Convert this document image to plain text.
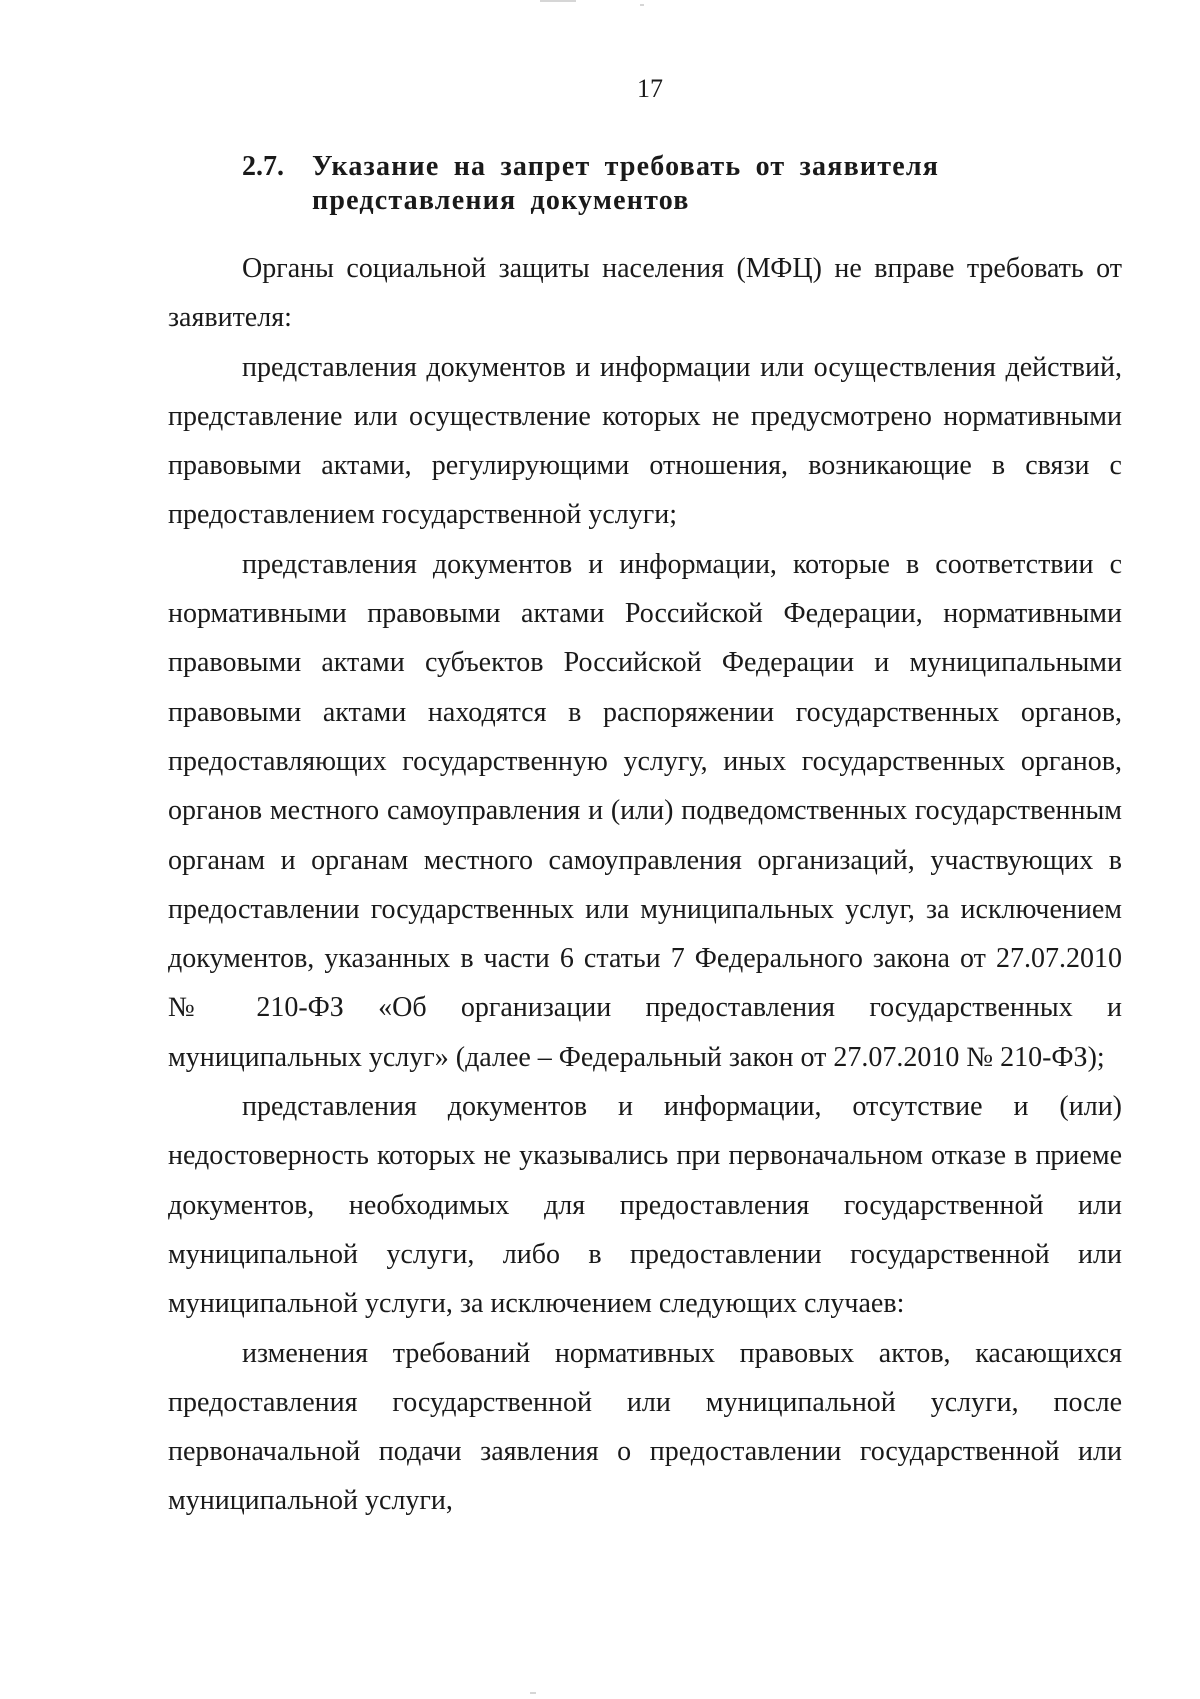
17
2.7. Указание на запрет требовать от заявителя представления документов

Органы социальной защиты населения (МФЦ) не вправе требовать от заявителя:

представления документов и информации или осуществления действий, представление или осуществление которых не предусмотрено нормативными правовыми актами, регулирующими отношения, возникающие в связи с предоставлением государственной услуги;

представления документов и информации, которые в соответствии с нормативными правовыми актами Российской Федерации, нормативными правовыми актами субъектов Российской Федерации и муниципальными правовыми актами находятся в распоряжении государственных органов, предоставляющих государственную услугу, иных государственных органов, органов местного самоуправления и (или) подведомственных государственным органам и органам местного самоуправления организаций, участвующих в предоставлении государственных или муниципальных услуг, за исключением документов, указанных в части 6 статьи 7 Федерального закона от 27.07.2010 № 210-ФЗ «Об организации предоставления государственных и муниципальных услуг» (далее – Федеральный закон от 27.07.2010 № 210-ФЗ);

представления документов и информации, отсутствие и (или) недостоверность которых не указывались при первоначальном отказе в приеме документов, необходимых для предоставления государственной или муниципальной услуги, либо в предоставлении государственной или муниципальной услуги, за исключением следующих случаев:

изменения требований нормативных правовых актов, касающихся предоставления государственной или муниципальной услуги, после первоначальной подачи заявления о предоставлении государственной или муниципальной услуги,
